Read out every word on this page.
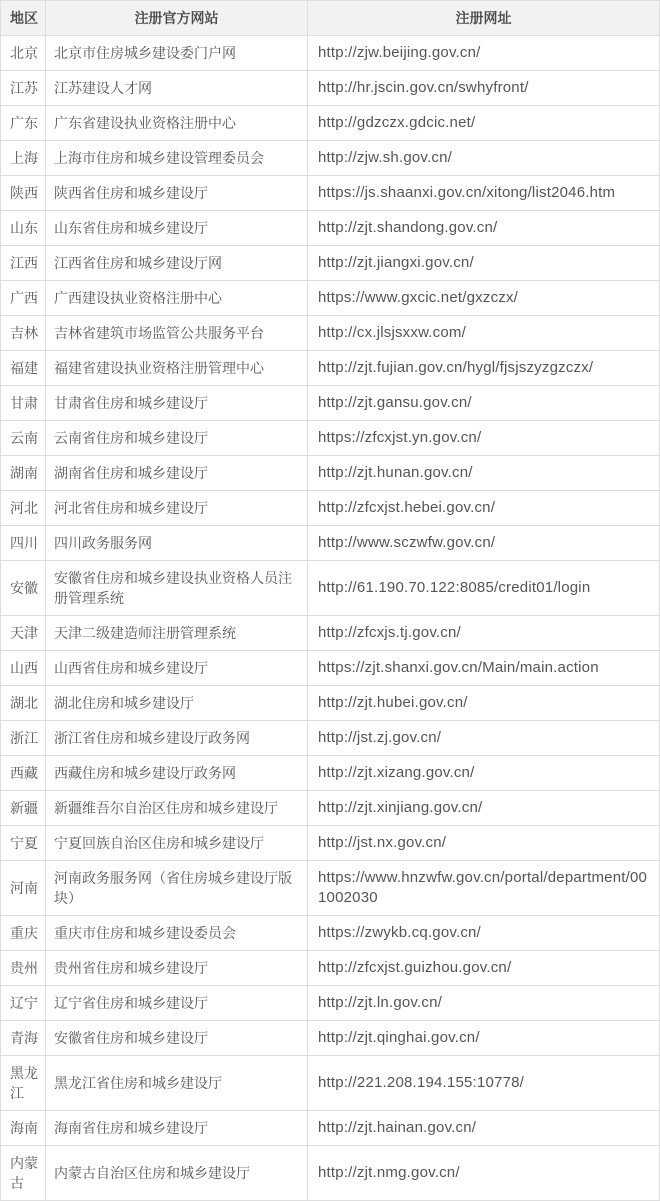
地区	注册官方网站	注册网址
北京	北京市住房城乡建设委门户网	http://zjw.beijing.gov.cn/
江苏	江苏建设人才网	http://hr.jscin.gov.cn/swhyfront/
广东	广东省建设执业资格注册中心	http://gdzczx.gdcic.net/
上海	上海市住房和城乡建设管理委员会	http://zjw.sh.gov.cn/
陕西	陕西省住房和城乡建设厅	https://js.shaanxi.gov.cn/xitong/list2046.htm
山东	山东省住房和城乡建设厅	http://zjt.shandong.gov.cn/
江西	江西省住房和城乡建设厅网	http://zjt.jiangxi.gov.cn/
广西	广西建设执业资格注册中心	https://www.gxcic.net/gxzczx/
吉林	吉林省建筑市场监管公共服务平台	http://cx.jlsjsxxw.com/
福建	福建省建设执业资格注册管理中心	http://zjt.fujian.gov.cn/hygl/fjsjszyzgzczx/
甘肃	甘肃省住房和城乡建设厅	http://zjt.gansu.gov.cn/
云南	云南省住房和城乡建设厅	https://zfcxjst.yn.gov.cn/
湖南	湖南省住房和城乡建设厅	http://zjt.hunan.gov.cn/
河北	河北省住房和城乡建设厅	http://zfcxjst.hebei.gov.cn/
四川	四川政务服务网	http://www.sczwfw.gov.cn/
安徽	安徽省住房和城乡建设执业资格人员注册管理系统	http://61.190.70.122:8085/credit01/login
天津	天津二级建造师注册管理系统	http://zfcxjs.tj.gov.cn/
山西	山西省住房和城乡建设厅	https://zjt.shanxi.gov.cn/Main/main.action
湖北	湖北住房和城乡建设厅	http://zjt.hubei.gov.cn/
浙江	浙江省住房和城乡建设厅政务网	http://jst.zj.gov.cn/
西藏	西藏住房和城乡建设厅政务网	http://zjt.xizang.gov.cn/
新疆	新疆维吾尔自治区住房和城乡建设厅	http://zjt.xinjiang.gov.cn/
宁夏	宁夏回族自治区住房和城乡建设厅	http://jst.nx.gov.cn/
河南	河南政务服务网（省住房城乡建设厅版块）	https://www.hnzwfw.gov.cn/portal/department/001002030
重庆	重庆市住房和城乡建设委员会	https://zwykb.cq.gov.cn/
贵州	贵州省住房和城乡建设厅	http://zfcxjst.guizhou.gov.cn/
辽宁	辽宁省住房和城乡建设厅	http://zjt.ln.gov.cn/
青海	安徽省住房和城乡建设厅	http://zjt.qinghai.gov.cn/
黑龙江	黑龙江省住房和城乡建设厅	http://221.208.194.155:10778/
海南	海南省住房和城乡建设厅	http://zjt.hainan.gov.cn/
内蒙古	内蒙古自治区住房和城乡建设厅	http://zjt.nmg.gov.cn/
